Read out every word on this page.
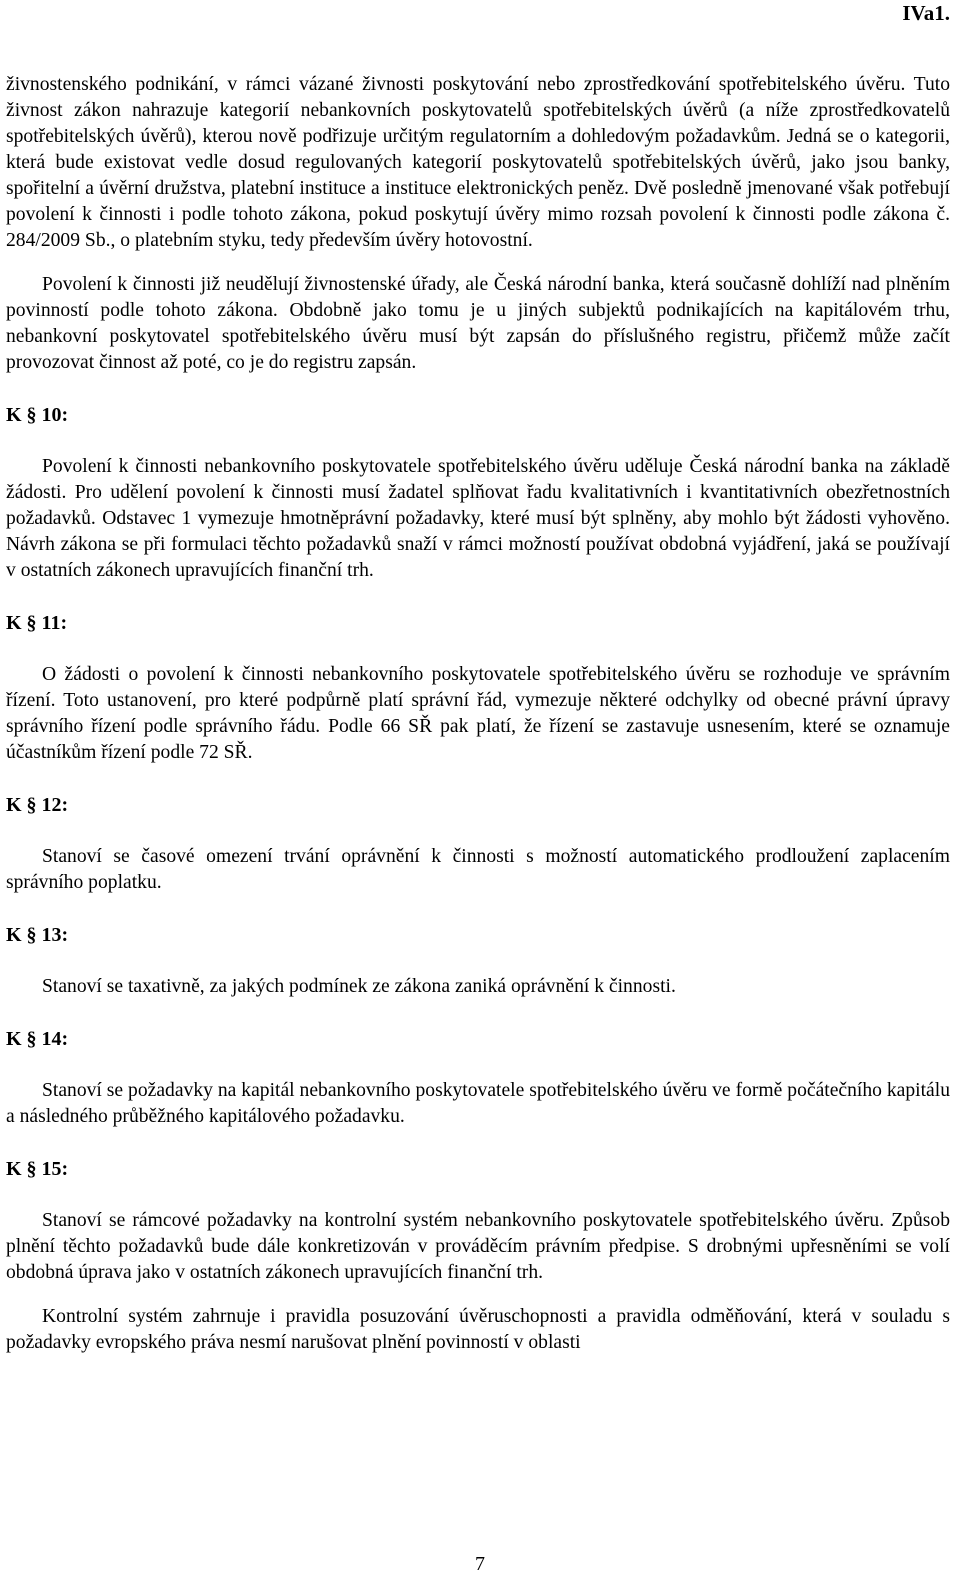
IVa1.

živnostenského podnikání, v rámci vázané živnosti poskytování nebo zprostředkování spotřebitelského úvěru. Tuto živnost zákon nahrazuje kategorií nebankovních poskytovatelů spotřebitelských úvěrů (a níže zprostředkovatelů spotřebitelských úvěrů), kterou nově podřizuje určitým regulatorním a dohledovým požadavkům. Jedná se o kategorii, která bude existovat vedle dosud regulovaných kategorií poskytovatelů spotřebitelských úvěrů, jako jsou banky, spořitelní a úvěrní družstva, platební instituce a instituce elektronických peněz. Dvě posledně jmenované však potřebují povolení k činnosti i podle tohoto zákona, pokud poskytují úvěry mimo rozsah povolení k činnosti podle zákona č. 284/2009 Sb., o platebním styku, tedy především úvěry hotovostní.

Povolení k činnosti již neudělují živnostenské úřady, ale Česká národní banka, která současně dohlíží nad plněním povinností podle tohoto zákona. Obdobně jako tomu je u jiných subjektů podnikajících na kapitálovém trhu, nebankovní poskytovatel spotřebitelského úvěru musí být zapsán do příslušného registru, přičemž může začít provozovat činnost až poté, co je do registru zapsán.

K § 10:

Povolení k činnosti nebankovního poskytovatele spotřebitelského úvěru uděluje Česká národní banka na základě žádosti. Pro udělení povolení k činnosti musí žadatel splňovat řadu kvalitativních i kvantitativních obezřetnostních požadavků. Odstavec 1 vymezuje hmotněprávní požadavky, které musí být splněny, aby mohlo být žádosti vyhověno. Návrh zákona se při formulaci těchto požadavků snaží v rámci možností používat obdobná vyjádření, jaká se používají v ostatních zákonech upravujících finanční trh.

K § 11:

O žádosti o povolení k činnosti nebankovního poskytovatele spotřebitelského úvěru se rozhoduje ve správním řízení. Toto ustanovení, pro které podpůrně platí správní řád, vymezuje některé odchylky od obecné právní úpravy správního řízení podle správního řádu. Podle 66 SŘ pak platí, že řízení se zastavuje usnesením, které se oznamuje účastníkům řízení podle 72 SŘ.

K § 12:

Stanoví se časové omezení trvání oprávnění k činnosti s možností automatického prodloužení zaplacením správního poplatku.

K § 13:

Stanoví se taxativně, za jakých podmínek ze zákona zaniká oprávnění k činnosti.

K § 14:

Stanoví se požadavky na kapitál nebankovního poskytovatele spotřebitelského úvěru ve formě počátečního kapitálu a následného průběžného kapitálového požadavku.

K § 15:

Stanoví se rámcové požadavky na kontrolní systém nebankovního poskytovatele spotřebitelského úvěru. Způsob plnění těchto požadavků bude dále konkretizován v prováděcím právním předpise. S drobnými upřesněními se volí obdobná úprava jako v ostatních zákonech upravujících finanční trh.

Kontrolní systém zahrnuje i pravidla posuzování úvěruschopnosti a pravidla odměňování, která v souladu s požadavky evropského práva nesmí narušovat plnění povinností v oblasti

7
